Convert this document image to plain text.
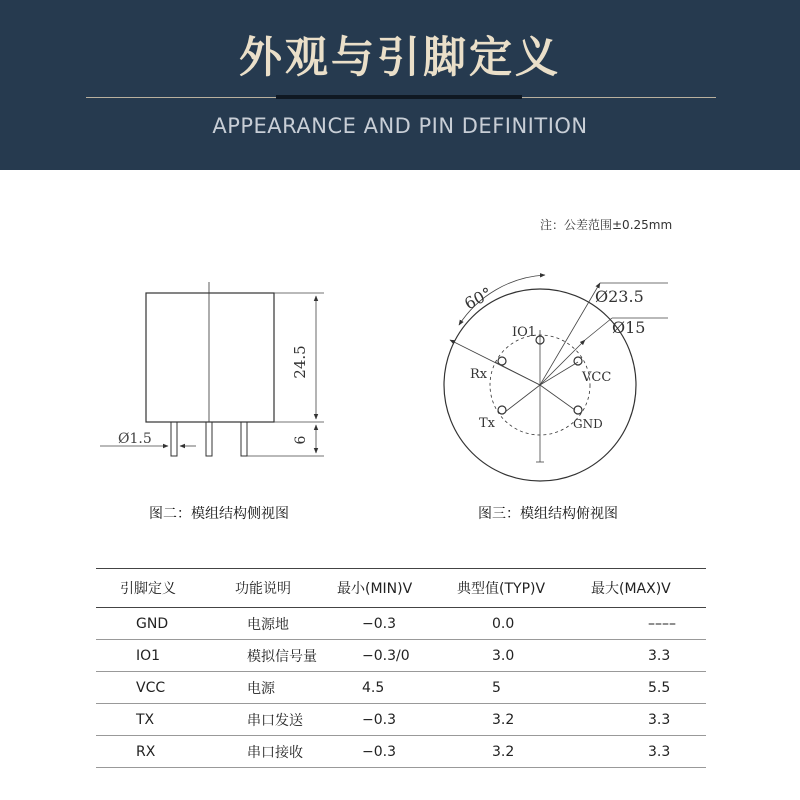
外观与引脚定义
APPEARANCE AND PIN DEFINITION
注：公差范围±0.25mm
24.5
6
Ø1.5
60°	Ø23.5
Ø15
IO1
VCC
GND
Tx
Rx
图二：模组结构侧视图	图三：模组结构俯视图
引脚定义	功能说明	最小(MIN)V	典型值(TYP)V	最大(MAX)V
GND	电源地	−0.3	0.0	––––
IO1	模拟信号量	−0.3/0	3.0	3.3
VCC	电源	4.5	5	5.5
TX	串口发送	−0.3	3.2	3.3
RX	串口接收	−0.3	3.2	3.3
